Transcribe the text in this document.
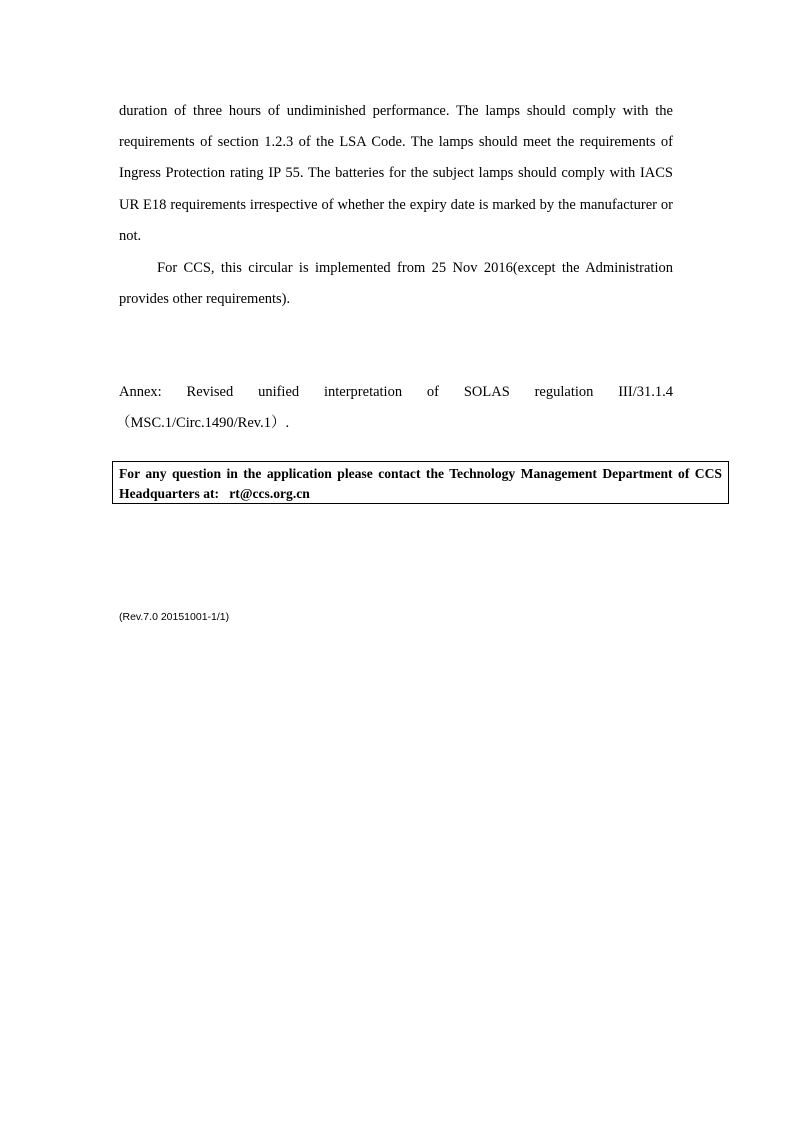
duration of three hours of undiminished performance. The lamps should comply with the requirements of section 1.2.3 of the LSA Code. The lamps should meet the requirements of Ingress Protection rating IP 55. The batteries for the subject lamps should comply with IACS UR E18 requirements irrespective of whether the expiry date is marked by the manufacturer or not.

For CCS, this circular is implemented from 25 Nov 2016(except the Administration provides other requirements).

Annex: Revised unified interpretation of SOLAS regulation III/31.1.4

（MSC.1/Circ.1490/Rev.1）.

For any question in the application please contact the Technology Management Department of CCS
Headquarters at: rt@ccs.org.cn
(Rev.7.0 20151001-1/1)
